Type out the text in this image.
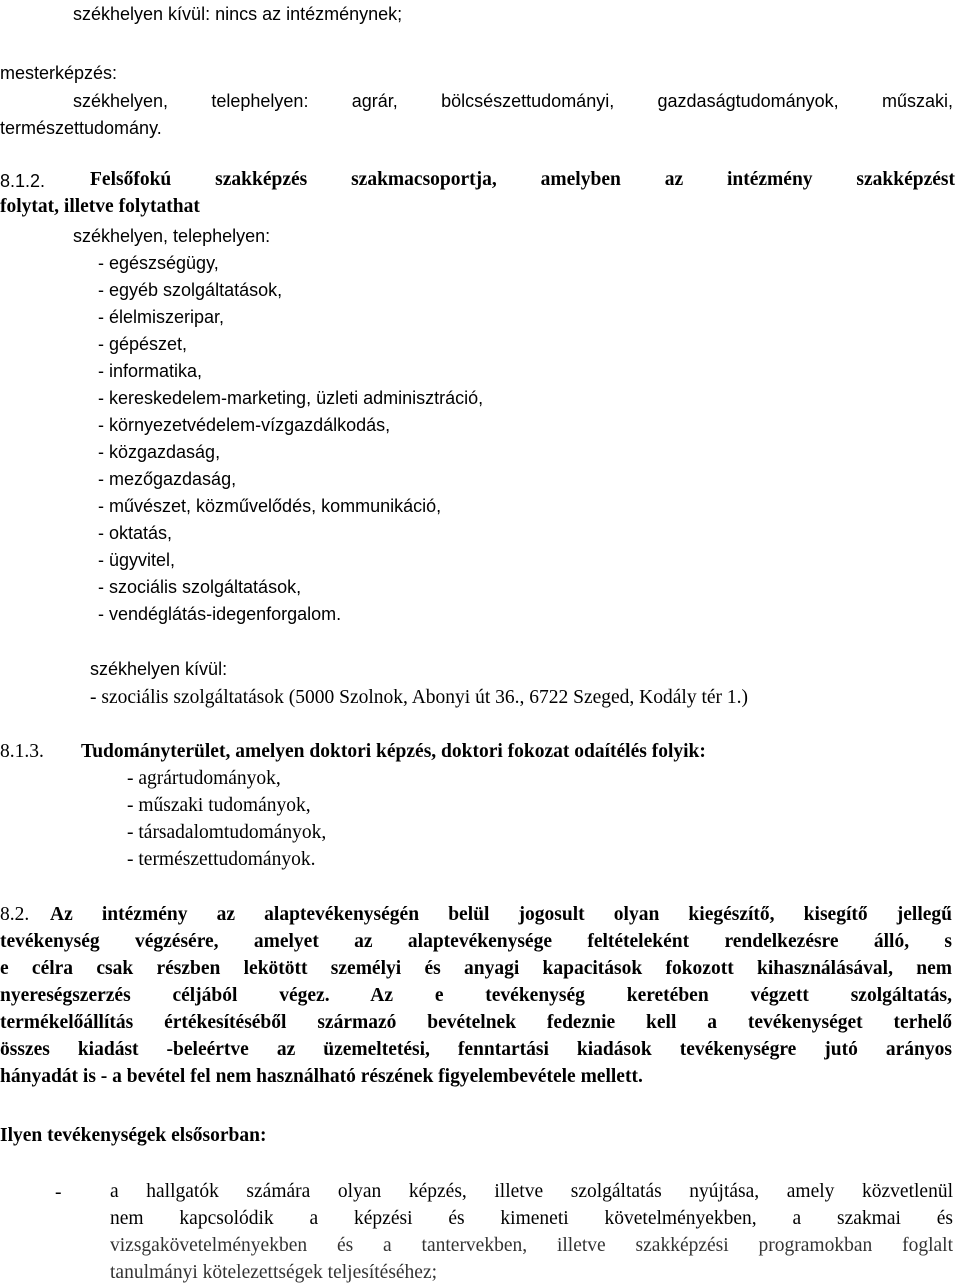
székhelyen kívül: nincs az intézménynek;
mesterképzés:
székhelyen, telephelyen: agrár, bölcsészettudományi, gazdaságtudományok, műszaki,
természettudomány.
8.1.2. Felsőfokú szakképzés szakmacsoportja, amelyben az intézmény szakképzést
folytat, illetve folytathat
székhelyen, telephelyen:
- egészségügy,
- egyéb szolgáltatások,
- élelmiszeripar,
- gépészet,
- informatika,
- kereskedelem-marketing, üzleti adminisztráció,
- környezetvédelem-vízgazdálkodás,
- közgazdaság,
- mezőgazdaság,
- művészet, közművelődés, kommunikáció,
- oktatás,
- ügyvitel,
- szociális szolgáltatások,
- vendéglátás-idegenforgalom.
székhelyen kívül:
- szociális szolgáltatások (5000 Szolnok, Abonyi út 36., 6722 Szeged, Kodály tér 1.)
8.1.3. Tudományterület, amelyen doktori képzés, doktori fokozat odaítélés folyik:
- agrártudományok,
- műszaki tudományok,
- társadalomtudományok,
- természettudományok.
8.2. Az intézmény az alaptevékenységén belül jogosult olyan kiegészítő, kisegítő jellegű
tevékenység végzésére, amelyet az alaptevékenysége feltételeként rendelkezésre álló, s
e célra csak részben lekötött személyi és anyagi kapacitások fokozott kihasználásával, nem
nyereségszerzés céljából végez. Az e tevékenység keretében végzett szolgáltatás,
termékelőállítás értékesítéséből származó bevételnek fedeznie kell a tevékenységet terhelő
összes kiadást -beleértve az üzemeltetési, fenntartási kiadások tevékenységre jutó arányos
hányadát is - a bevétel fel nem használható részének figyelembevétele mellett.
Ilyen tevékenységek elsősorban:
- a hallgatók számára olyan képzés, illetve szolgáltatás nyújtása, amely közvetlenül
nem kapcsolódik a képzési és kimeneti követelményekben, a szakmai és
vizsgakövetelményekben és a tantervekben, illetve szakképzési programokban foglalt
tanulmányi kötelezettségek teljesítéséhez;
